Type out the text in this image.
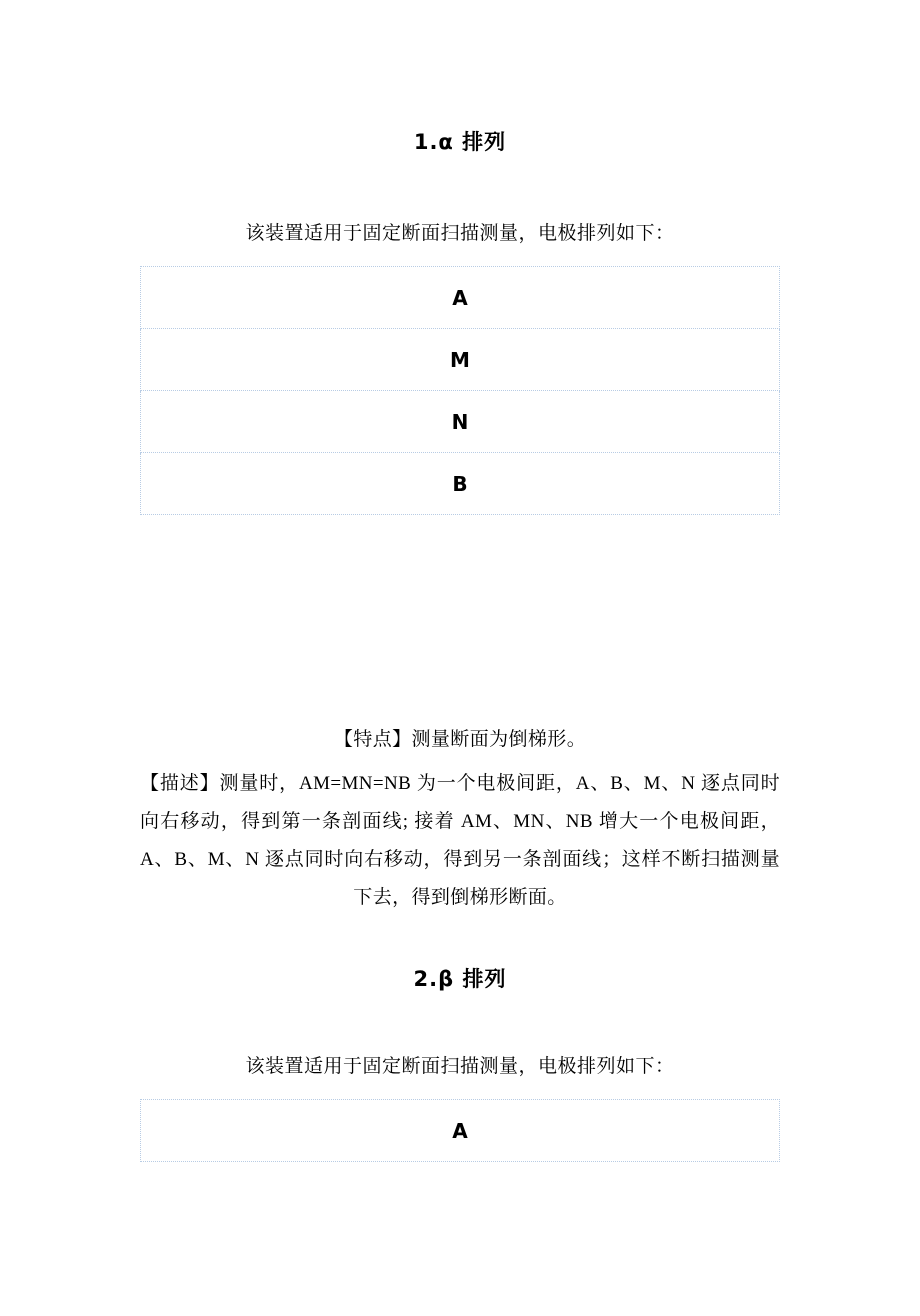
1.α 排列

该装置适用于固定断面扫描测量，电极排列如下：

A
M
N
B

【特点】测量断面为倒梯形。

【描述】测量时，AM=MN=NB 为一个电极间距，A、B、M、N 逐点同时向右移动，得到第一条剖面线; 接着 AM、MN、NB 增大一个电极间距，A、B、M、N 逐点同时向右移动，得到另一条剖面线；这样不断扫描测量下去，得到倒梯形断面。

2.β 排列

该装置适用于固定断面扫描测量，电极排列如下：

A
